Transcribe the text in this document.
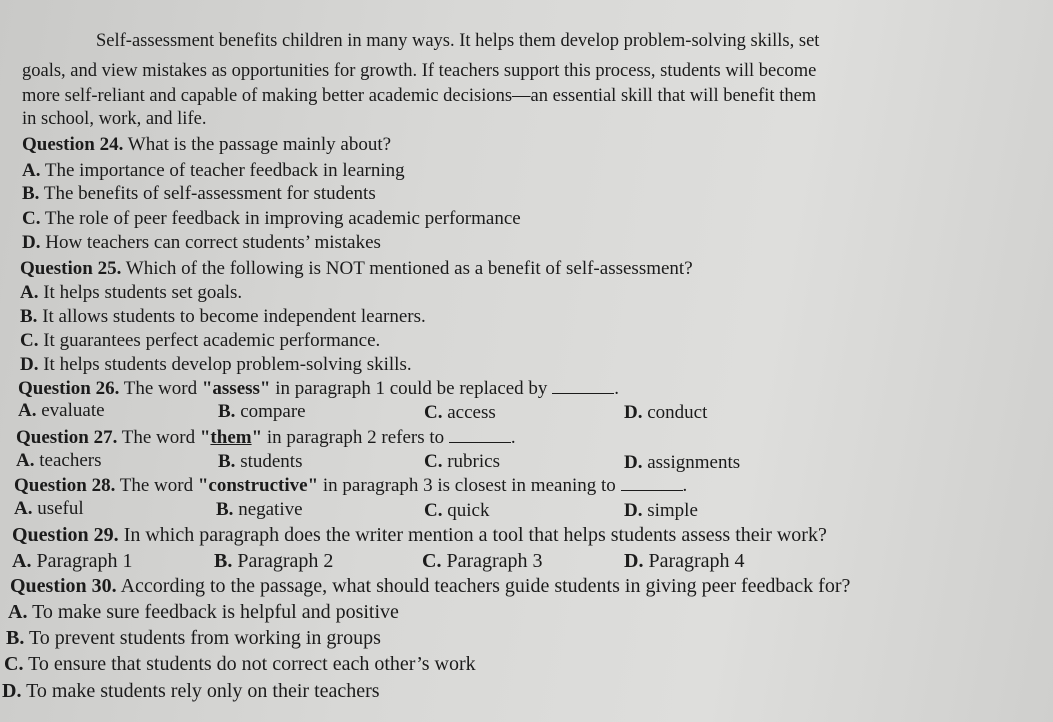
Self-assessment benefits children in many ways. It helps them develop problem-solving skills, set
goals, and view mistakes as opportunities for growth. If teachers support this process, students will become
more self-reliant and capable of making better academic decisions—an essential skill that will benefit them
in school, work, and life.
Question 24. What is the passage mainly about?
A. The importance of teacher feedback in learning
B. The benefits of self-assessment for students
C. The role of peer feedback in improving academic performance
D. How teachers can correct students’ mistakes
Question 25. Which of the following is NOT mentioned as a benefit of self-assessment?
A. It helps students set goals.
B. It allows students to become independent learners.
C. It guarantees perfect academic performance.
D. It helps students develop problem-solving skills.
Question 26. The word "assess" in paragraph 1 could be replaced by	.
A. evaluate	B. compare	C. access	D. conduct
Question 27. The word "them" in paragraph 2 refers to	.
A. teachers	B. students	C. rubrics	D. assignments
Question 28. The word "constructive" in paragraph 3 is closest in meaning to	.
A. useful	B. negative	C. quick	D. simple
Question 29. In which paragraph does the writer mention a tool that helps students assess their work?
A. Paragraph 1	B. Paragraph 2	C. Paragraph 3	D. Paragraph 4
Question 30. According to the passage, what should teachers guide students in giving peer feedback for?
A. To make sure feedback is helpful and positive
B. To prevent students from working in groups
C. To ensure that students do not correct each other’s work
D. To make students rely only on their teachers
